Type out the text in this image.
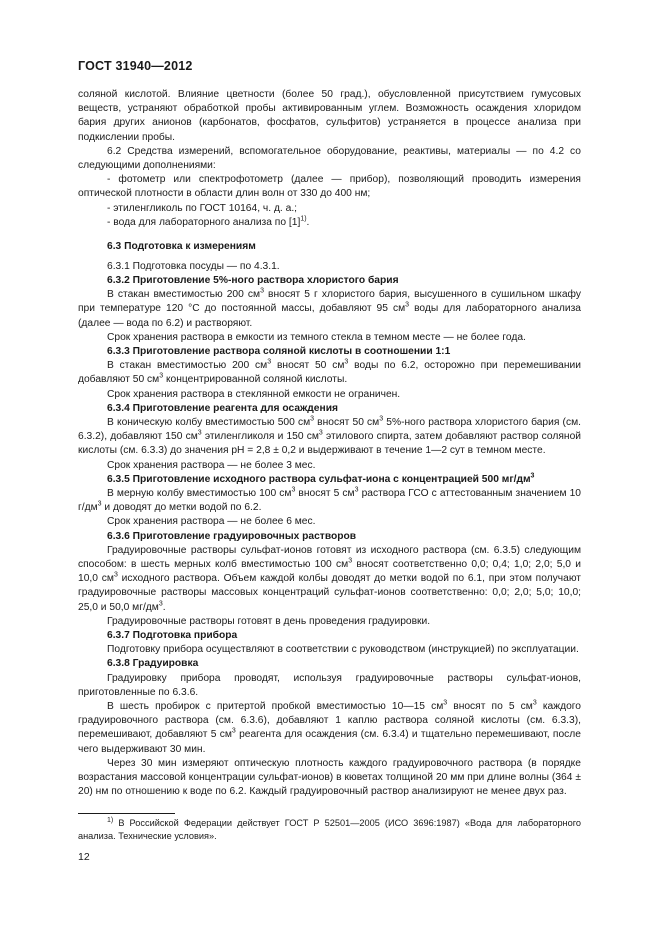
ГОСТ 31940—2012

соляной кислотой. Влияние цветности (более 50 град.), обусловленной присутствием гумусовых веществ, устраняют обработкой пробы активированным углем. Возможность осаждения хлоридом бария других анионов (карбонатов, фосфатов, сульфитов) устраняется в процессе анализа при подкислении пробы.

6.2 Средства измерений, вспомогательное оборудование, реактивы, материалы — по 4.2 со следующими дополнениями:

- фотометр или спектрофотометр (далее — прибор), позволяющий проводить измерения оптической плотности в области длин волн от 330 до 400 нм;

- этиленгликоль по ГОСТ 10164, ч. д. а.;

- вода для лабораторного анализа по $[1]^{1)}$.

6.3 Подготовка к измерениям

6.3.1 Подготовка посуды — по 4.3.1.

6.3.2 Приготовление 5%-ного раствора хлористого бария

В стакан вместимостью 200 $см^3$ вносят 5 г хлористого бария, высушенного в сушильном шкафу при температуре 120 °С до постоянной массы, добавляют 95 $см^3$ воды для лабораторного анализа (далее — вода по 6.2) и растворяют.

Срок хранения раствора в емкости из темного стекла в темном месте — не более года.

6.3.3 Приготовление раствора соляной кислоты в соотношении 1:1

В стакан вместимостью 200 $см^3$ вносят 50 $см^3$ воды по 6.2, осторожно при перемешивании добавляют 50 $см^3$ концентрированной соляной кислоты.

Срок хранения раствора в стеклянной емкости не ограничен.

6.3.4 Приготовление реагента для осаждения

В коническую колбу вместимостью 500 $см^3$ вносят 50 $см^3$ 5%-ного раствора хлористого бария (см. 6.3.2), добавляют 150 $см^3$ этиленгликоля и 150 $см^3$ этилового спирта, затем добавляют раствор соляной кислоты (см. 6.3.3) до значения рН = 2,8 ± 0,2 и выдерживают в течение 1—2 сут в темном месте.

Срок хранения раствора — не более 3 мес.

6.3.5 Приготовление исходного раствора сульфат-иона с концентрацией 500 $мг/дм^3$

В мерную колбу вместимостью 100 $см^3$ вносят 5 $см^3$ раствора ГСО с аттестованным значением 10 $г/дм^3$ и доводят до метки водой по 6.2.

Срок хранения раствора — не более 6 мес.

6.3.6 Приготовление градуировочных растворов

Градуировочные растворы сульфат-ионов готовят из исходного раствора (см. 6.3.5) следующим способом: в шесть мерных колб вместимостью 100 $см^3$ вносят соответственно 0,0; 0,4; 1,0; 2,0; 5,0 и 10,0 $см^3$ исходного раствора. Объем каждой колбы доводят до метки водой по 6.1, при этом получают градуировочные растворы массовых концентраций сульфат-ионов соответственно: 0,0; 2,0; 5,0; 10,0; 25,0 и 50,0 $мг/дм^3$.

Градуировочные растворы готовят в день проведения градуировки.

6.3.7 Подготовка прибора

Подготовку прибора осуществляют в соответствии с руководством (инструкцией) по эксплуатации.

6.3.8 Градуировка

Градуировку прибора проводят, используя градуировочные растворы сульфат-ионов, приготовленные по 6.3.6.

В шесть пробирок с притертой пробкой вместимостью 10—15 $см^3$ вносят по 5 $см^3$ каждого градуировочного раствора (см. 6.3.6), добавляют 1 каплю раствора соляной кислоты (см. 6.3.3), перемешивают, добавляют 5 $см^3$ реагента для осаждения (см. 6.3.4) и тщательно перемешивают, после чего выдерживают 30 мин.

Через 30 мин измеряют оптическую плотность каждого градуировочного раствора (в порядке возрастания массовой концентрации сульфат-ионов) в кюветах толщиной 20 мм при длине волны (364 ± 20) нм по отношению к воде по 6.2. Каждый градуировочный раствор анализируют не менее двух раз.

$^{1)}$ В Российской Федерации действует ГОСТ Р 52501—2005 (ИСО 3696:1987) «Вода для лабораторного анализа. Технические условия».
12
